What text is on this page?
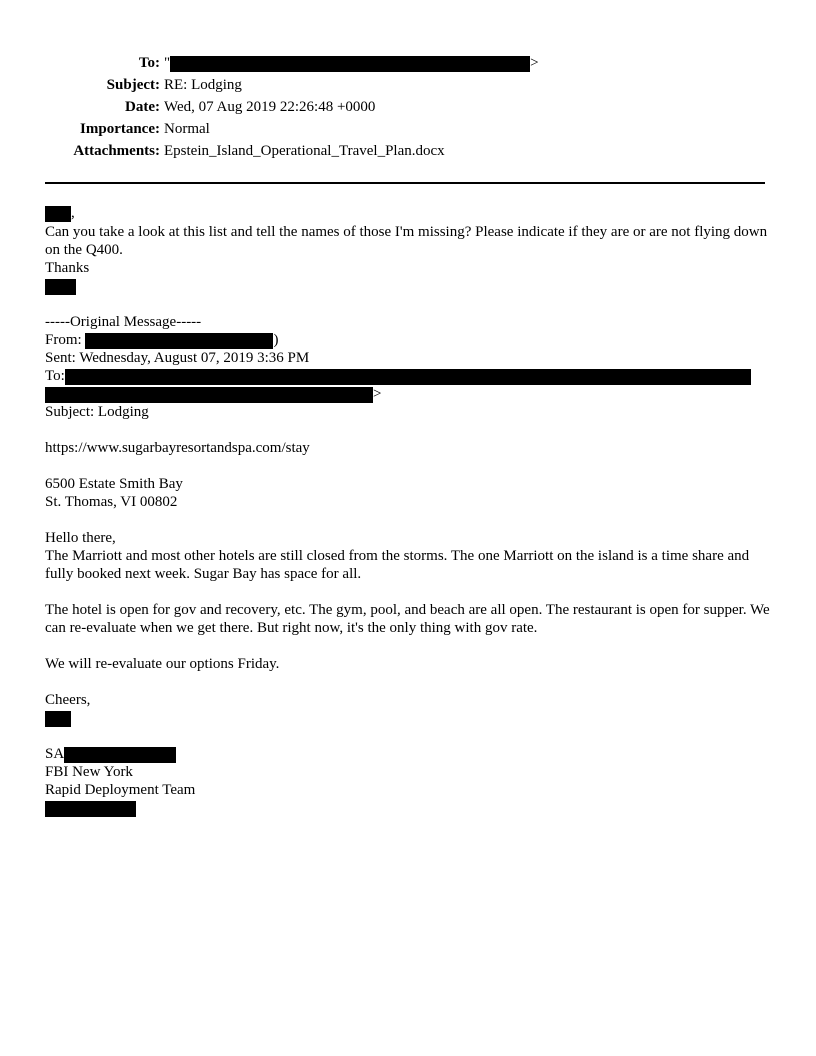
To: "	>
Subject: RE: Lodging
Date: Wed, 07 Aug 2019 22:26:48 +0000
Importance: Normal
Attachments: Epstein_Island_Operational_Travel_Plan.docx
,
Can you take a look at this list and tell the names of those I'm missing? Please indicate if they are or are not flying down on the Q400.
Thanks
-----Original Message-----
From:	)
Sent: Wednesday, August 07, 2019 3:36 PM
To:
>
Subject: Lodging
https://www.sugarbayresortandspa.com/stay
6500 Estate Smith Bay
St. Thomas, VI 00802
Hello there,
The Marriott and most other hotels are still closed from the storms. The one Marriott on the island is a time share and fully booked next week. Sugar Bay has space for all.
The hotel is open for gov and recovery, etc. The gym, pool, and beach are all open. The restaurant is open for supper. We can re-evaluate when we get there. But right now, it's the only thing with gov rate.
We will re-evaluate our options Friday.
Cheers,
SA
FBI New York
Rapid Deployment Team
